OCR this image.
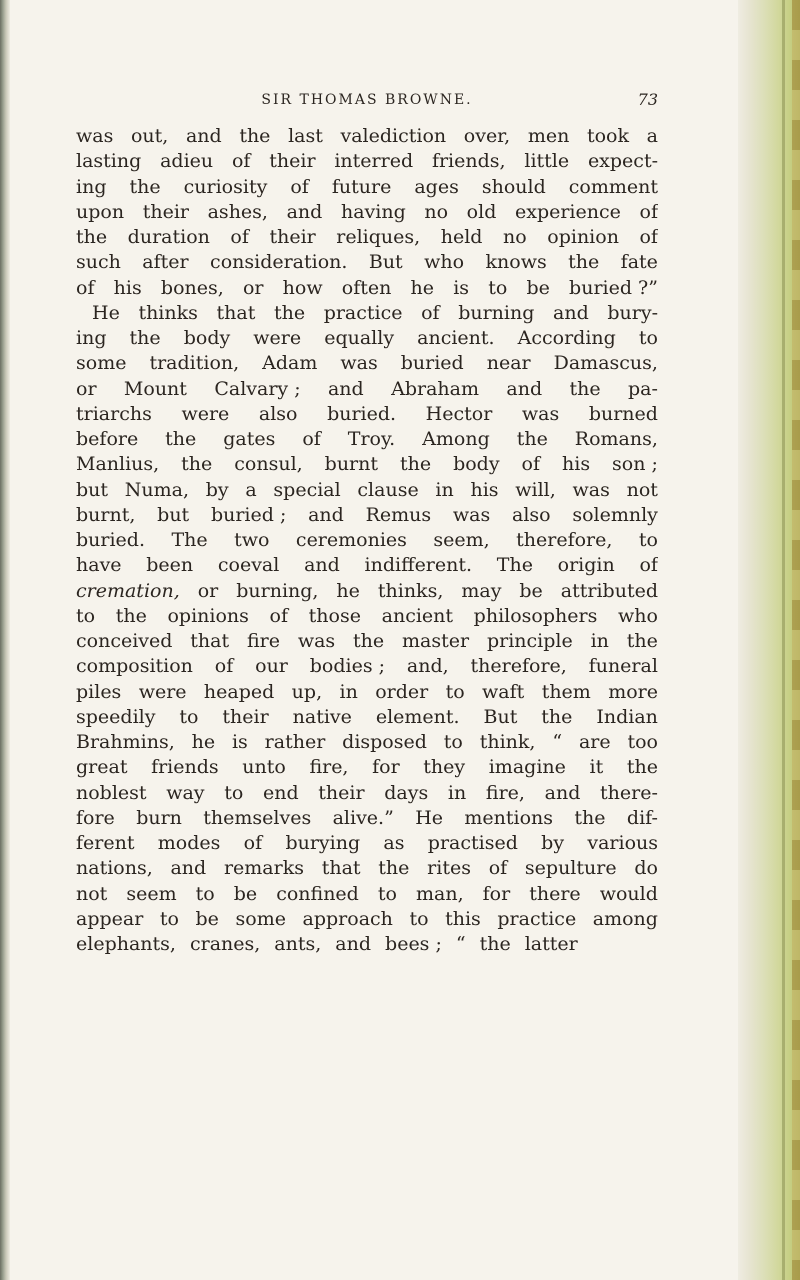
SIR THOMAS BROWNE.	73
was out, and the last valediction over, men took a
lasting adieu of their interred friends, little expect-
ing the curiosity of future ages should comment
upon their ashes, and having no old experience of
the duration of their reliques, held no opinion of
such after consideration. But who knows the fate
of his bones, or how often he is to be buried ?”
He thinks that the practice of burning and bury-
ing the body were equally ancient. According to
some tradition, Adam was buried near Damascus,
or Mount Calvary ; and Abraham and the pa-
triarchs were also buried. Hector was burned
before the gates of Troy. Among the Romans,
Manlius, the consul, burnt the body of his son ;
but Numa, by a special clause in his will, was not
burnt, but buried ; and Remus was also solemnly
buried. The two ceremonies seem, therefore, to
have been coeval and indifferent. The origin of
cremation, or burning, he thinks, may be attributed
to the opinions of those ancient philosophers who
conceived that fire was the master principle in the
composition of our bodies ; and, therefore, funeral
piles were heaped up, in order to waft them more
speedily to their native element. But the Indian
Brahmins, he is rather disposed to think, “ are too
great friends unto fire, for they imagine it the
noblest way to end their days in fire, and there-
fore burn themselves alive.” He mentions the dif-
ferent modes of burying as practised by various
nations, and remarks that the rites of sepulture do
not seem to be confined to man, for there would
appear to be some approach to this practice among
elephants, cranes, ants, and bees ; “ the latter
